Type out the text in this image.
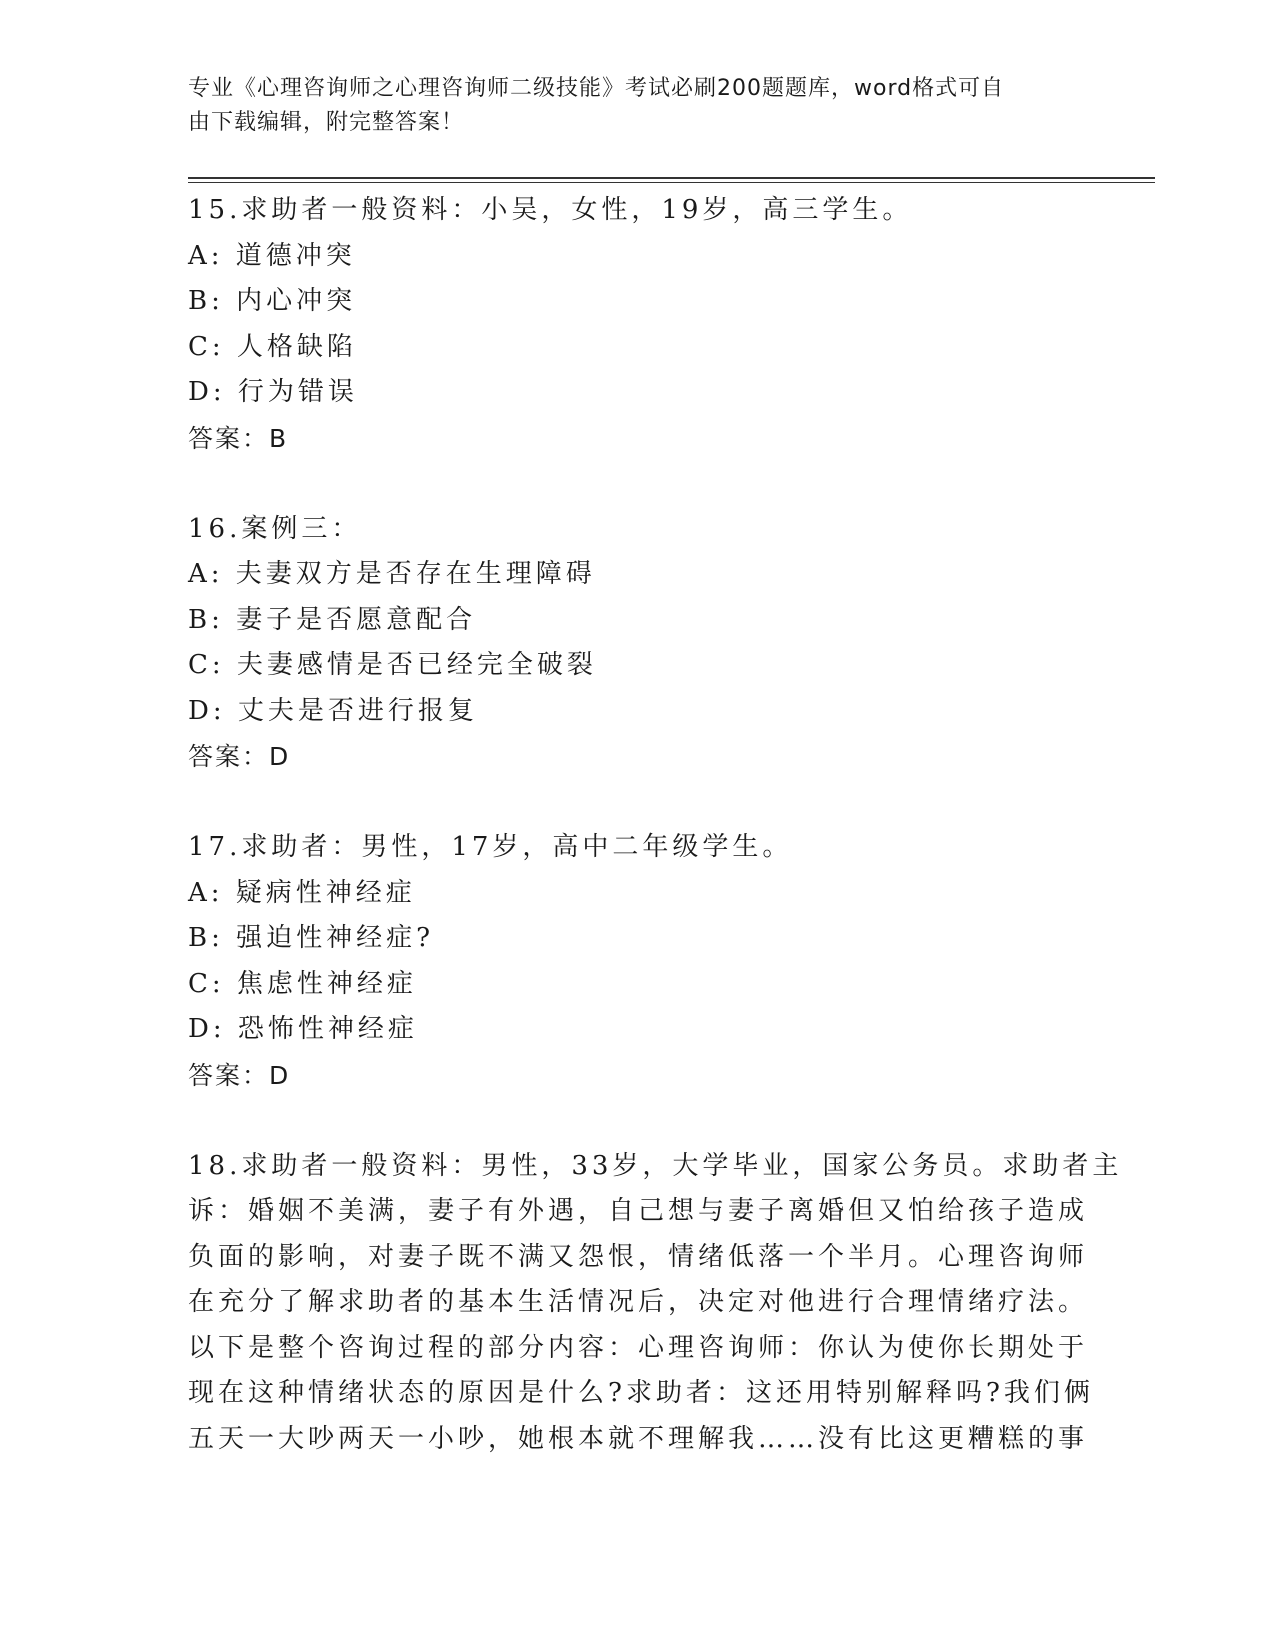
专业《心理咨询师之心理咨询师二级技能》考试必刷200题题库，word格式可自
由下载编辑，附完整答案！
15.求助者一般资料：小吴，女性，19岁，高三学生。
A: 道德冲突
B: 内心冲突
C: 人格缺陷
D: 行为错误
答案：B
16.案例三：
A: 夫妻双方是否存在生理障碍
B: 妻子是否愿意配合
C: 夫妻感情是否已经完全破裂
D: 丈夫是否进行报复
答案：D
17.求助者：男性，17岁，高中二年级学生。
A: 疑病性神经症
B: 强迫性神经症?
C: 焦虑性神经症
D: 恐怖性神经症
答案：D
18.求助者一般资料：男性，33岁，大学毕业，国家公务员。求助者主
诉：婚姻不美满，妻子有外遇，自己想与妻子离婚但又怕给孩子造成
负面的影响，对妻子既不满又怨恨，情绪低落一个半月。心理咨询师
在充分了解求助者的基本生活情况后，决定对他进行合理情绪疗法。
以下是整个咨询过程的部分内容：心理咨询师：你认为使你长期处于
现在这种情绪状态的原因是什么?求助者：这还用特别解释吗?我们俩
五天一大吵两天一小吵，她根本就不理解我……没有比这更糟糕的事
